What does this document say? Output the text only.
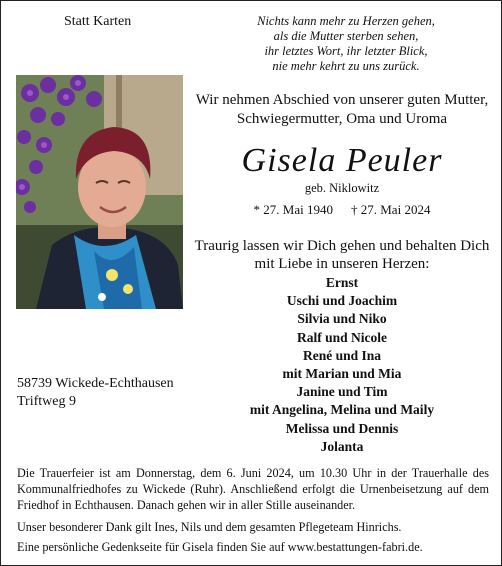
Statt Karten	Nichts kann mehr zu Herzen gehen,
als die Mutter sterben sehen,
ihr letztes Wort, ihr letzter Blick,
nie mehr kehrt zu uns zurück.
Wir nehmen Abschied von unserer guten Mutter,
Schwiegermutter, Oma und Uroma
Gisela Peuler
geb. Niklowitz
* 27. Mai 1940 † 27. Mai 2024
Traurig lassen wir Dich gehen und behalten Dich
mit Liebe in unseren Herzen:
Ernst
Uschi und Joachim
Silvia und Niko
Ralf und Nicole
René und Ina
mit Marian und Mia
Janine und Tim
mit Angelina, Melina und Maily
Melissa und Dennis
Jolanta
58739 Wickede-Echthausen
Triftweg 9

Die Trauerfeier ist am Donnerstag, dem 6. Juni 2024, um 10.30 Uhr in der Trauerhalle des Kommunalfriedhofes zu Wickede (Ruhr). Anschließend erfolgt die Urnenbeisetzung auf dem Friedhof in Echthausen. Danach gehen wir in aller Stille auseinander.

Unser besonderer Dank gilt Ines, Nils und dem gesamten Pflegeteam Hinrichs.
Eine persönliche Gedenkseite für Gisela finden Sie auf www.bestattungen-fabri.de.
